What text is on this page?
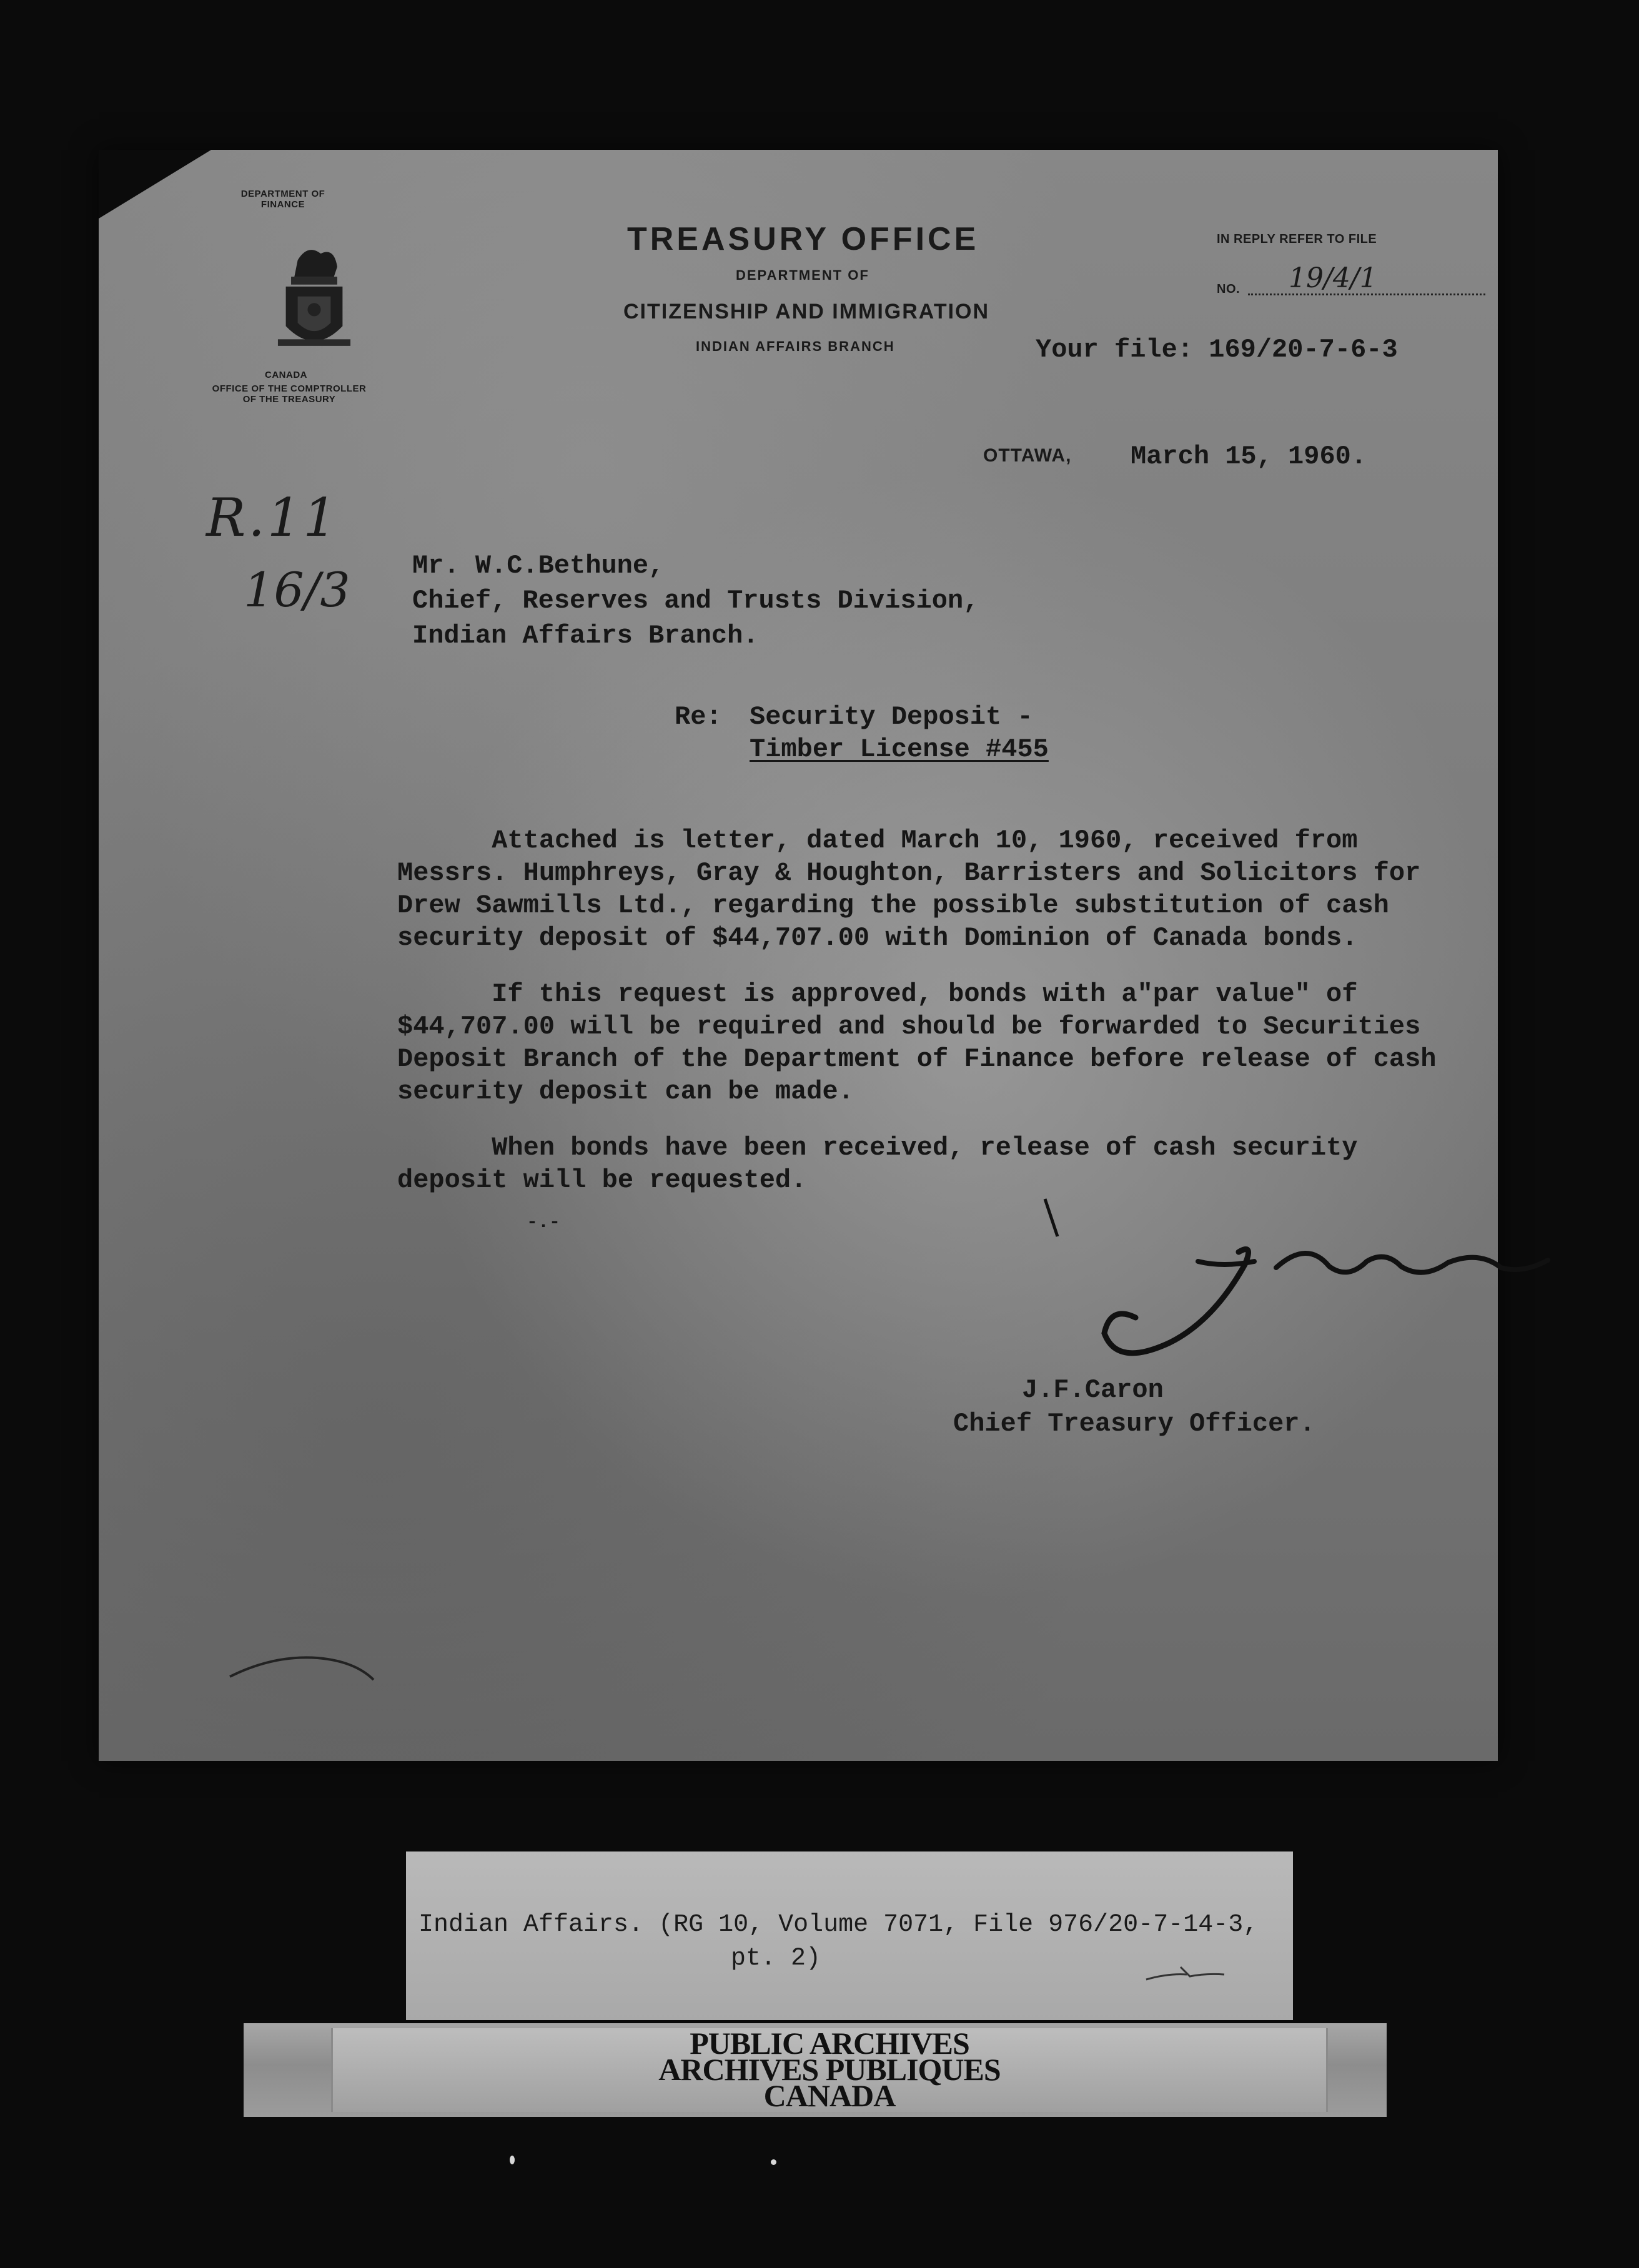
DEPARTMENT OF FINANCE
CANADA
OFFICE OF THE COMPTROLLER OF THE TREASURY
TREASURY OFFICE
DEPARTMENT OF
CITIZENSHIP AND IMMIGRATION
INDIAN AFFAIRS BRANCH	Your file: 169/20-7-6-3
IN REPLY REFER TO FILE
NO. 19/4/1
OTTAWA, March 15, 1960.
R.11
16/3 Mr. W.C.Bethune,
Chief, Reserves and Trusts Division,
Indian Affairs Branch.
Re: Security Deposit -
Timber License #455
Attached is letter, dated March 10, 1960, received from
Messrs. Humphreys, Gray & Houghton, Barristers and Solicitors for
Drew Sawmills Ltd., regarding the possible substitution of cash
security deposit of $44,707.00 with Dominion of Canada bonds.
If this request is approved, bonds with a"par value" of
$44,707.00 will be required and should be forwarded to Securities
Deposit Branch of the Department of Finance before release of cash
security deposit can be made.
When bonds have been received, release of cash security
deposit will be requested.
-.-
J.F.Caron
Chief Treasury Officer.
Indian Affairs. (RG 10, Volume 7071, File 976/20-7-14-3,
pt. 2)
PUBLIC ARCHIVES
ARCHIVES PUBLIQUES
CANADA
